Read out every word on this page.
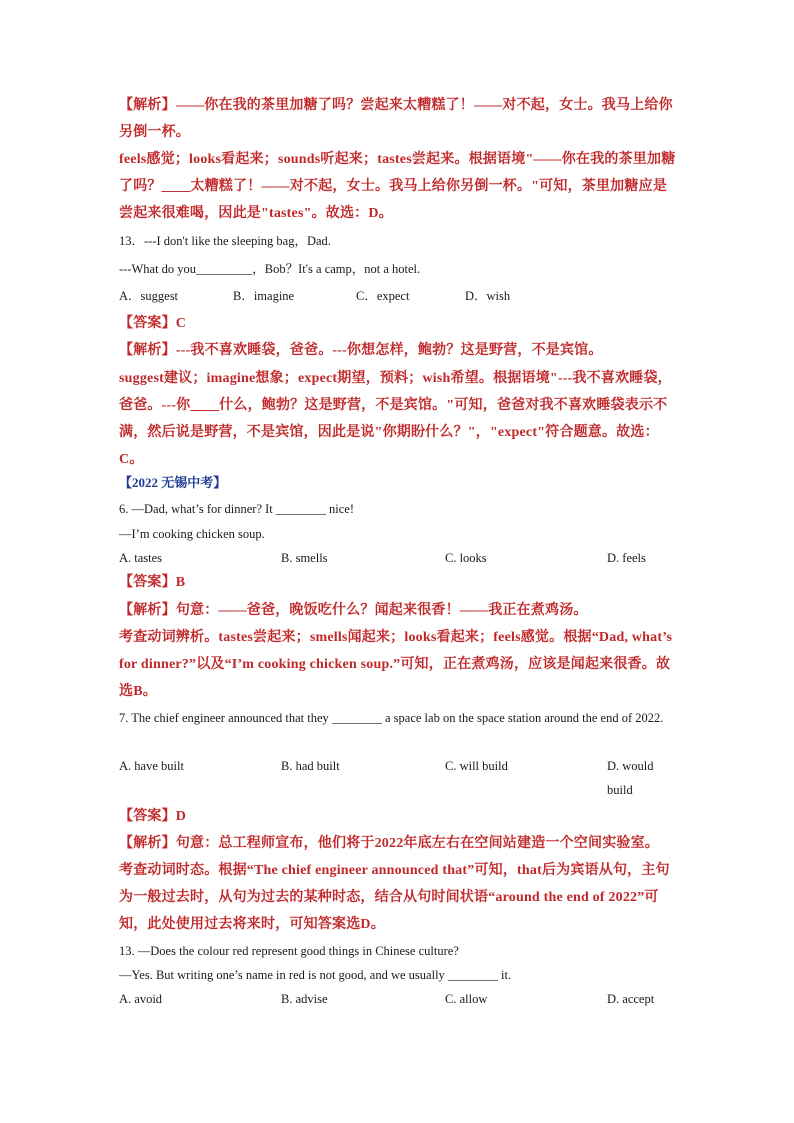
【解析】——你在我的茶里加糖了吗？尝起来太糟糕了！——对不起，女士。我马上给你另倒一杯。

feels感觉；looks看起来；sounds听起来；tastes尝起来。根据语境"——你在我的茶里加糖了吗？____太糟糕了！——对不起，女士。我马上给你另倒一杯。"可知，茶里加糖应是尝起来很难喝，因此是"tastes"。故选：D。

13．---I don't like the sleeping bag，Dad.

---What do you_________，Bob？It's a camp，not a hotel.

A．suggest	B．imagine	C．expect	D．wish

【答案】C

【解析】---我不喜欢睡袋，爸爸。---你想怎样，鲍勃？这是野营，不是宾馆。

suggest建议；imagine想象；expect期望，预料；wish希望。根据语境"---我不喜欢睡袋，爸爸。---你____什么，鲍勃？这是野营，不是宾馆。"可知，爸爸对我不喜欢睡袋表示不满，然后说是野营，不是宾馆，因此是说"你期盼什么？"，"expect"符合题意。故选：C。

【2022 无锡中考】

6. —Dad, what’s for dinner? It ________ nice!

—I’m cooking chicken soup.

A. tastes	B. smells	C. looks	D. feels

【答案】B

【解析】句意：——爸爸，晚饭吃什么？闻起来很香！——我正在煮鸡汤。

考查动词辨析。tastes尝起来；smells闻起来；looks看起来；feels感觉。根据“Dad, what’s for dinner?”以及“I’m cooking chicken soup.”可知，正在煮鸡汤，应该是闻起来很香。故选B。

7. The chief engineer announced that they ________ a space lab on the space station around the end of 2022.

A. have built	B. had built	C. will build	D. would build

【答案】D

【解析】句意：总工程师宣布，他们将于2022年底左右在空间站建造一个空间实验室。

考查动词时态。根据“The chief engineer announced that”可知，that后为宾语从句，主句为一般过去时，从句为过去的某种时态，结合从句时间状语“around the end of 2022”可知，此处使用过去将来时，可知答案选D。

13. —Does the colour red represent good things in Chinese culture?

—Yes. But writing one’s name in red is not good, and we usually ________ it.

A. avoid	B. advise	C. allow	D. accept
